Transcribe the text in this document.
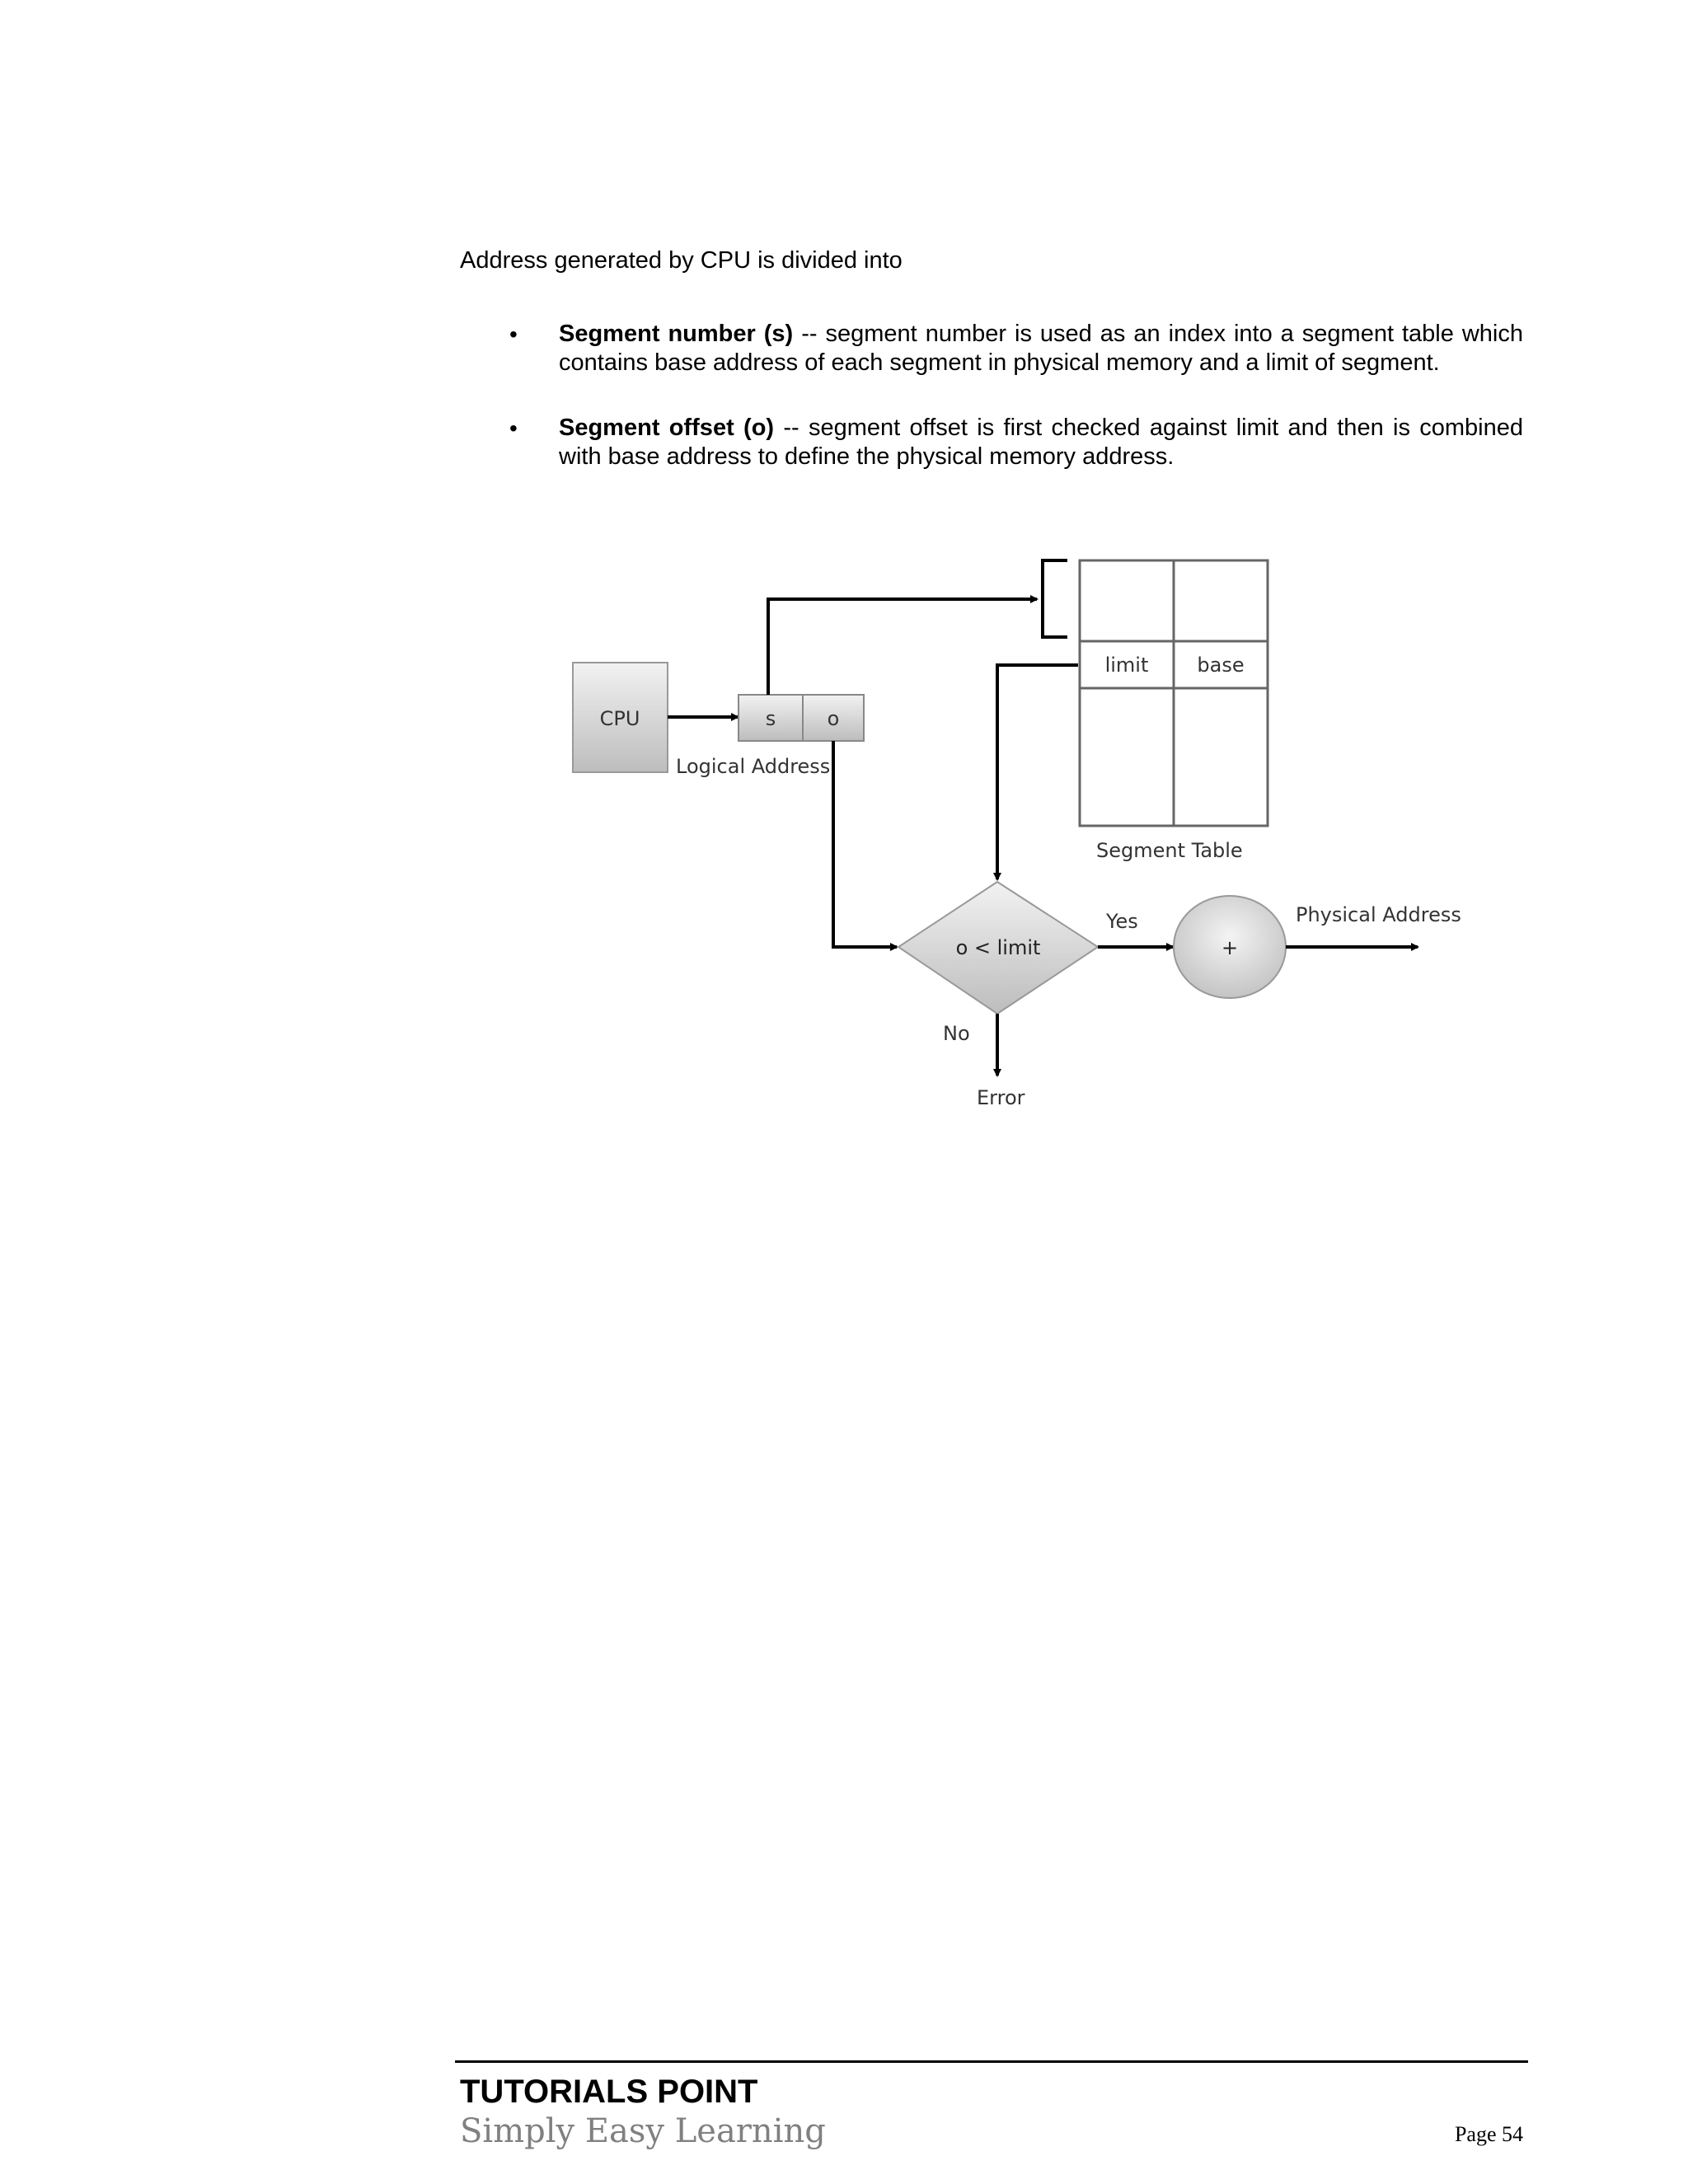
Address generated by CPU is divided into
• Segment number (s) -- segment number is used as an index into a segment table which contains base address of each segment in physical memory and a limit of segment.
• Segment offset (o) -- segment offset is first checked against limit and then is combined with base address to define the physical memory address.
CPU	s	o
Logical Address
limit base
Segment Table
o < limit
Yes
+
Physical Address
No
Error
TUTORIALS POINT
Simply Easy Learning	Page 54
